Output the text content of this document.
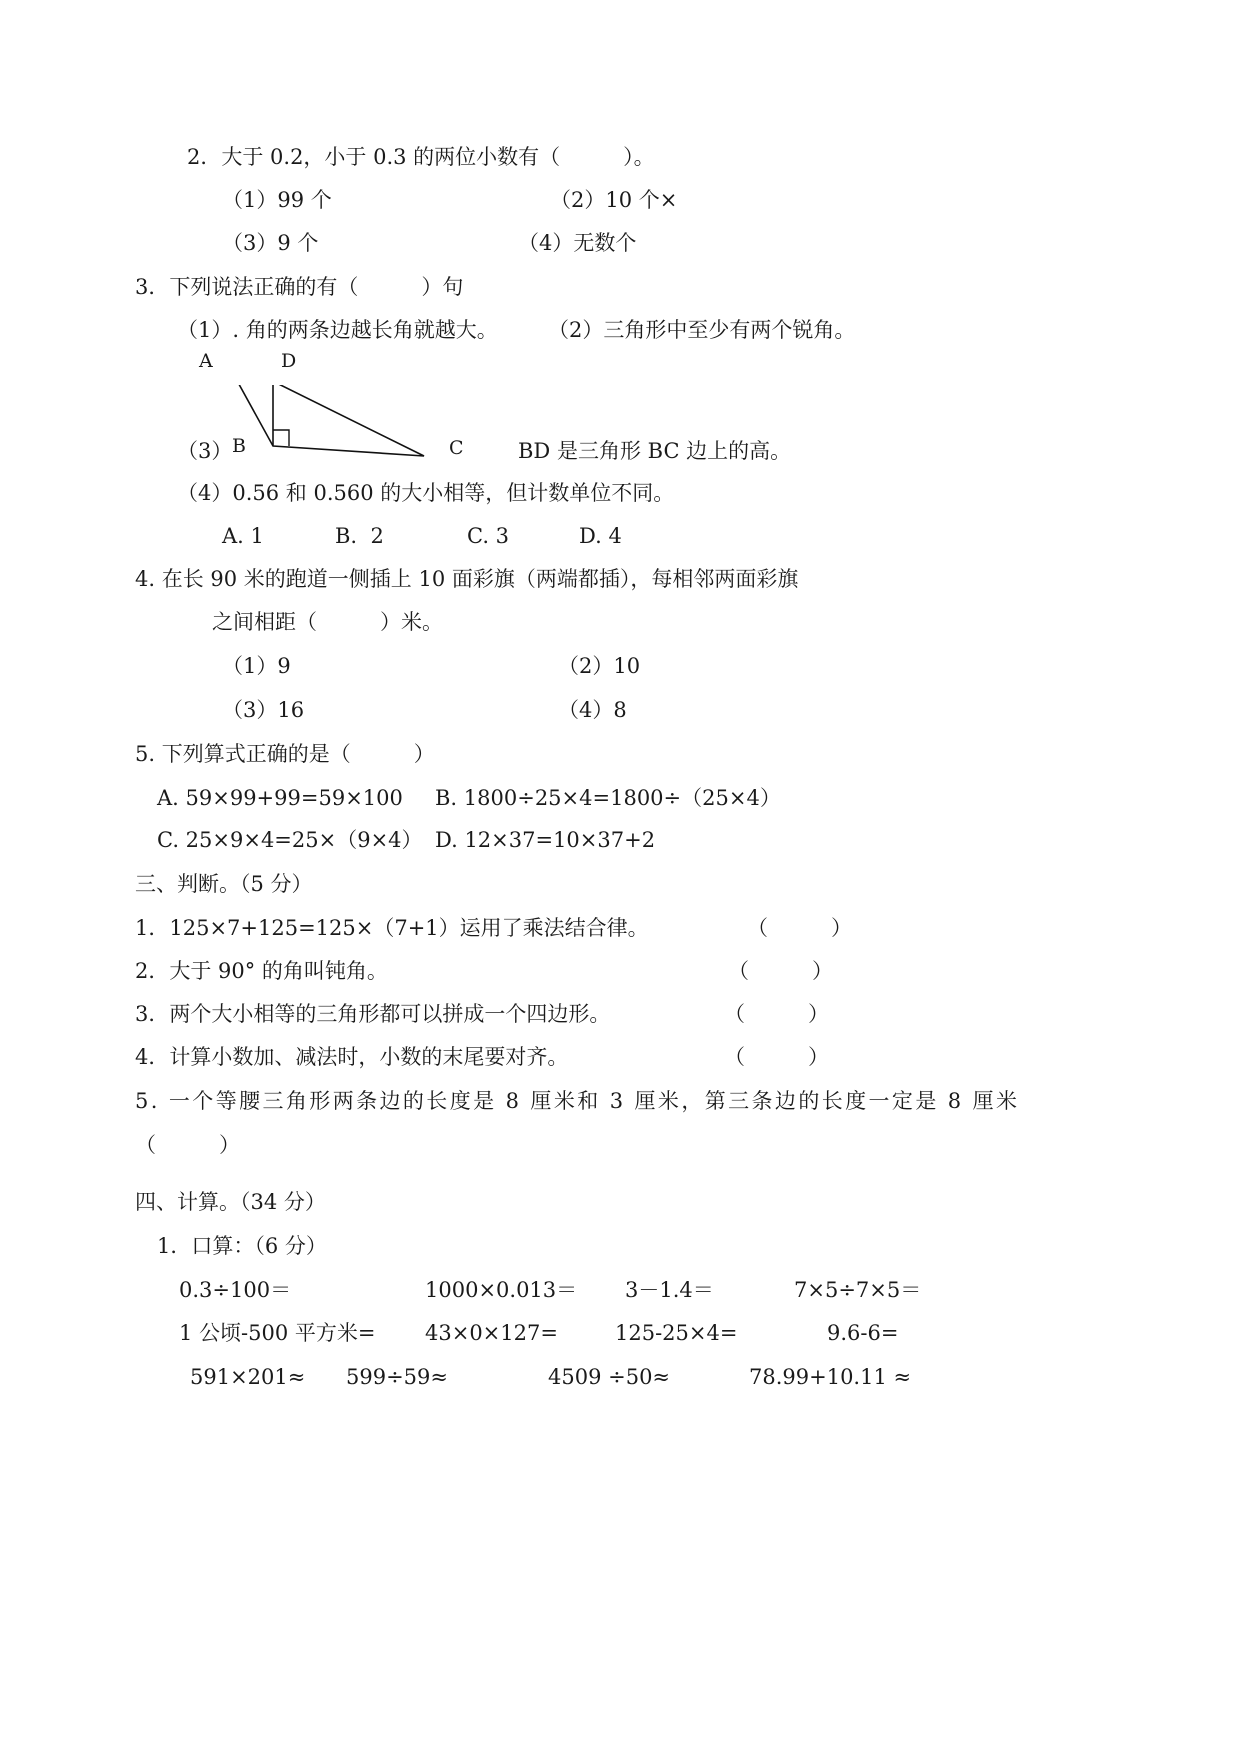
2．大于 0.2，小于 0.3 的两位小数有（　　　）。
（1）99 个	（2）10 个×
（3）9 个	（4）无数个
3．下列说法正确的有（　　　）句
（1）. 角的两条边越长角就越大。 （2）三角形中至少有两个锐角。
A	D
B	C
（3）	BD 是三角形 BC 边上的高。
（4）0.56 和 0.560 的大小相等，但计数单位不同。
A. 1	B.  2	C. 3	D. 4
4. 在长 90 米的跑道一侧插上 10 面彩旗（两端都插），每相邻两面彩旗
之间相距（　　　）米。
（1）9	（2）10
（3）16	（4）8
5. 下列算式正确的是（　　　）
A. 59×99+99=59×100 B. 1800÷25×4=1800÷（25×4）
C. 25×9×4=25×（9×4） D. 12×37=10×37+2
三、判断。（5 分）
1．125×7+125=125×（7+1）运用了乘法结合律。	（　　　）
2．大于 90° 的角叫钝角。	（　　　）
3．两个大小相等的三角形都可以拼成一个四边形。	（　　　）
4．计算小数加、减法时，小数的末尾要对齐。	（　　　）
5. 一个等腰三角形两条边的长度是 8 厘米和 3 厘米，第三条边的长度一定是 8 厘米
（　　　）
四、计算。（34 分）
1．口算：（6 分）
0.3÷100＝	1000×0.013＝ 3－1.4＝	7×5÷7×5＝
1 公顷-500 平方米= 43×0×127=	125-25×4=	9.6-6=
591×201≈ 599÷59≈	4509 ÷50≈	78.99+10.11 ≈
